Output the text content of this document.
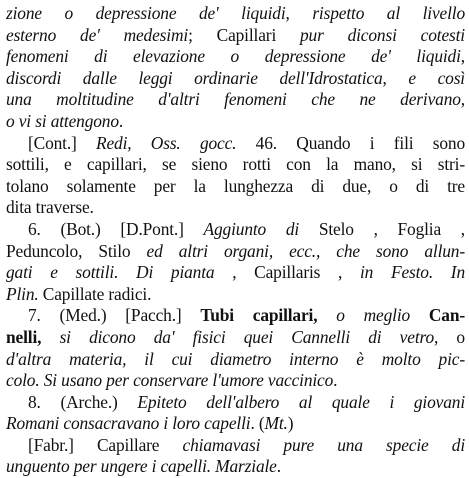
zione o depressione de' liquidi, rispetto al livello
esterno de' medesimi; Capillari pur diconsi cotesti
fenomeni di elevazione o depressione de' liquidi,
discordi dalle leggi ordinarie dell'Idrostatica, e così
una moltitudine d'altri fenomeni che ne derivano,
o vi si attengono.
[Cont.] Redi, Oss. gocc. 46. Quando i fili sono
sottili, e capillari, se sieno rotti con la mano, si stri-
tolano solamente per la lunghezza di due, o di tre
dita traverse.
6. (Bot.) [D.Pont.] Aggiunto di Stelo , Foglia ,
Peduncolo, Stilo ed altri organi, ecc., che sono allun-
gati e sottili. Di pianta , Capillaris , in Festo. In
Plin. Capillate radici.
7. (Med.) [Pacch.] Tubi capillari, o meglio Can-
nelli, si dicono da' fisici quei Cannelli di vetro, o
d'altra materia, il cui diametro interno è molto pic-
colo. Si usano per conservare l'umore vaccinico.
8. (Arche.) Epiteto dell'albero al quale i giovani
Romani consacravano i loro capelli. (Mt.)
[Fabr.] Capillare chiamavasi pure una specie di
unguento per ungere i capelli. Marziale.
